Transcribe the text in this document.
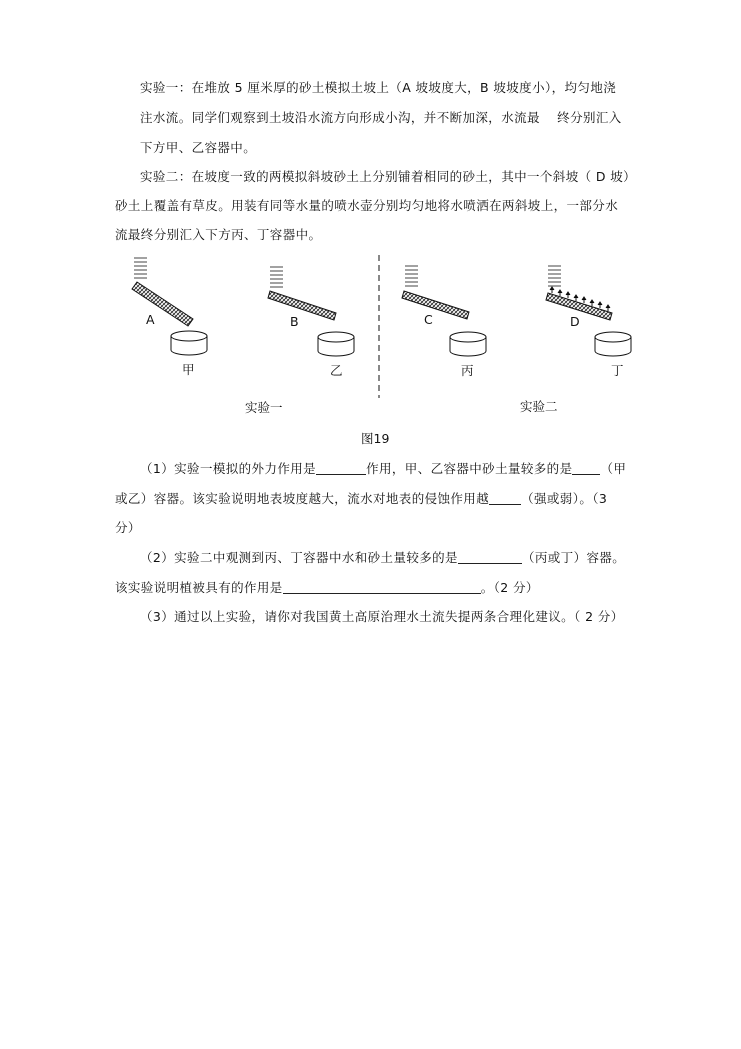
实验一：在堆放 5 厘米厚的砂土模拟土坡上（A 坡坡度大，B 坡坡度小），均匀地浇
注水流。同学们观察到土坡沿水流方向形成小沟，并不断加深，水流最　 终分别汇入
下方甲、乙容器中。
实验二：在坡度一致的两模拟斜坡砂土上分别铺着相同的砂土，其中一个斜坡（ D 坡）
砂土上覆盖有草皮。用装有同等水量的喷水壶分别均匀地将水喷洒在两斜坡上，一部分水
流最终分别汇入下方丙、丁容器中。
A	B	C	D
甲	乙	丙	丁
实验一	实验二
图19
（1）实验一模拟的外力作用是	作用，甲、乙容器中砂土量较多的是 （甲
或乙）容器。该实验说明地表坡度越大，流水对地表的侵蚀作用越	（强或弱）。（3
分）
（2）实验二中观测到丙、丁容器中水和砂土量较多的是	（丙或丁）容器。
该实验说明植被具有的作用是	。（2 分）
（3）通过以上实验，请你对我国黄土高原治理水土流失提两条合理化建议。（ 2 分）
